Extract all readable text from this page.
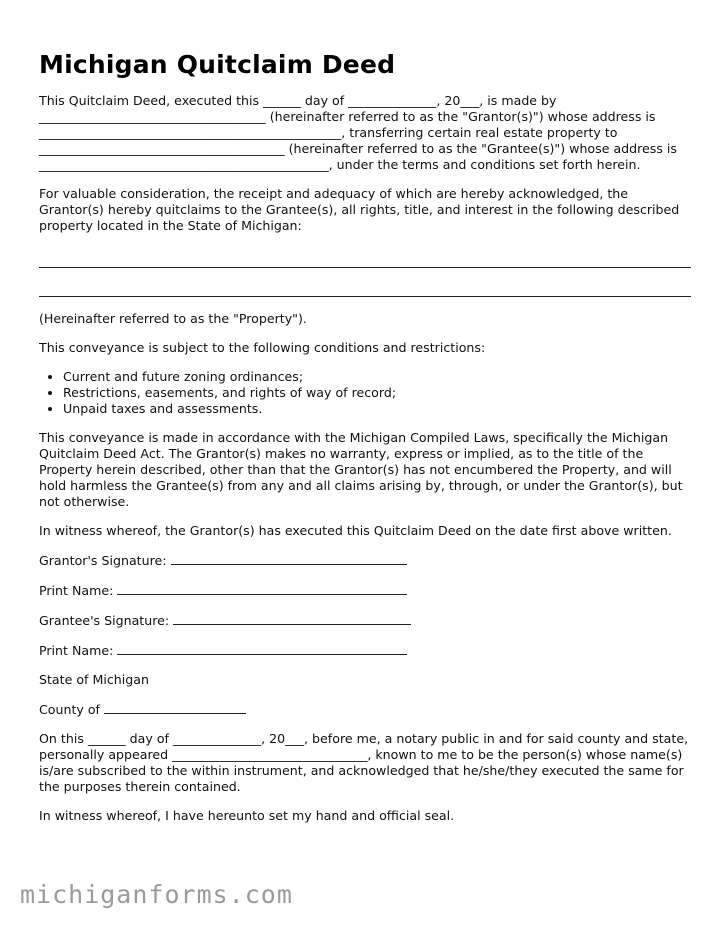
Michigan Quitclaim Deed

This Quitclaim Deed, executed this ______ day of ______________, 20___, is made by ____________________________________ (hereinafter referred to as the "Grantor(s)") whose address is ________________________________________________, transferring certain real estate property to _______________________________________ (hereinafter referred to as the "Grantee(s)") whose address is ______________________________________________, under the terms and conditions set forth herein.

For valuable consideration, the receipt and adequacy of which are hereby acknowledged, the Grantor(s) hereby quitclaims to the Grantee(s), all rights, title, and interest in the following described property located in the State of Michigan:

(Hereinafter referred to as the "Property").

This conveyance is subject to the following conditions and restrictions:

• Current and future zoning ordinances;
• Restrictions, easements, and rights of way of record;
• Unpaid taxes and assessments.

This conveyance is made in accordance with the Michigan Compiled Laws, specifically the Michigan Quitclaim Deed Act. The Grantor(s) makes no warranty, express or implied, as to the title of the Property herein described, other than that the Grantor(s) has not encumbered the Property, and will hold harmless the Grantee(s) from any and all claims arising by, through, or under the Grantor(s), but not otherwise.

In witness whereof, the Grantor(s) has executed this Quitclaim Deed on the date first above written.

Grantor's Signature:
Print Name:
Grantee's Signature:
Print Name:

State of Michigan

County of

On this ______ day of ______________, 20___, before me, a notary public in and for said county and state, personally appeared _______________________________, known to me to be the person(s) whose name(s) is/are subscribed to the within instrument, and acknowledged that he/she/they executed the same for the purposes therein contained.

In witness whereof, I have hereunto set my hand and official seal.

michiganforms.com
